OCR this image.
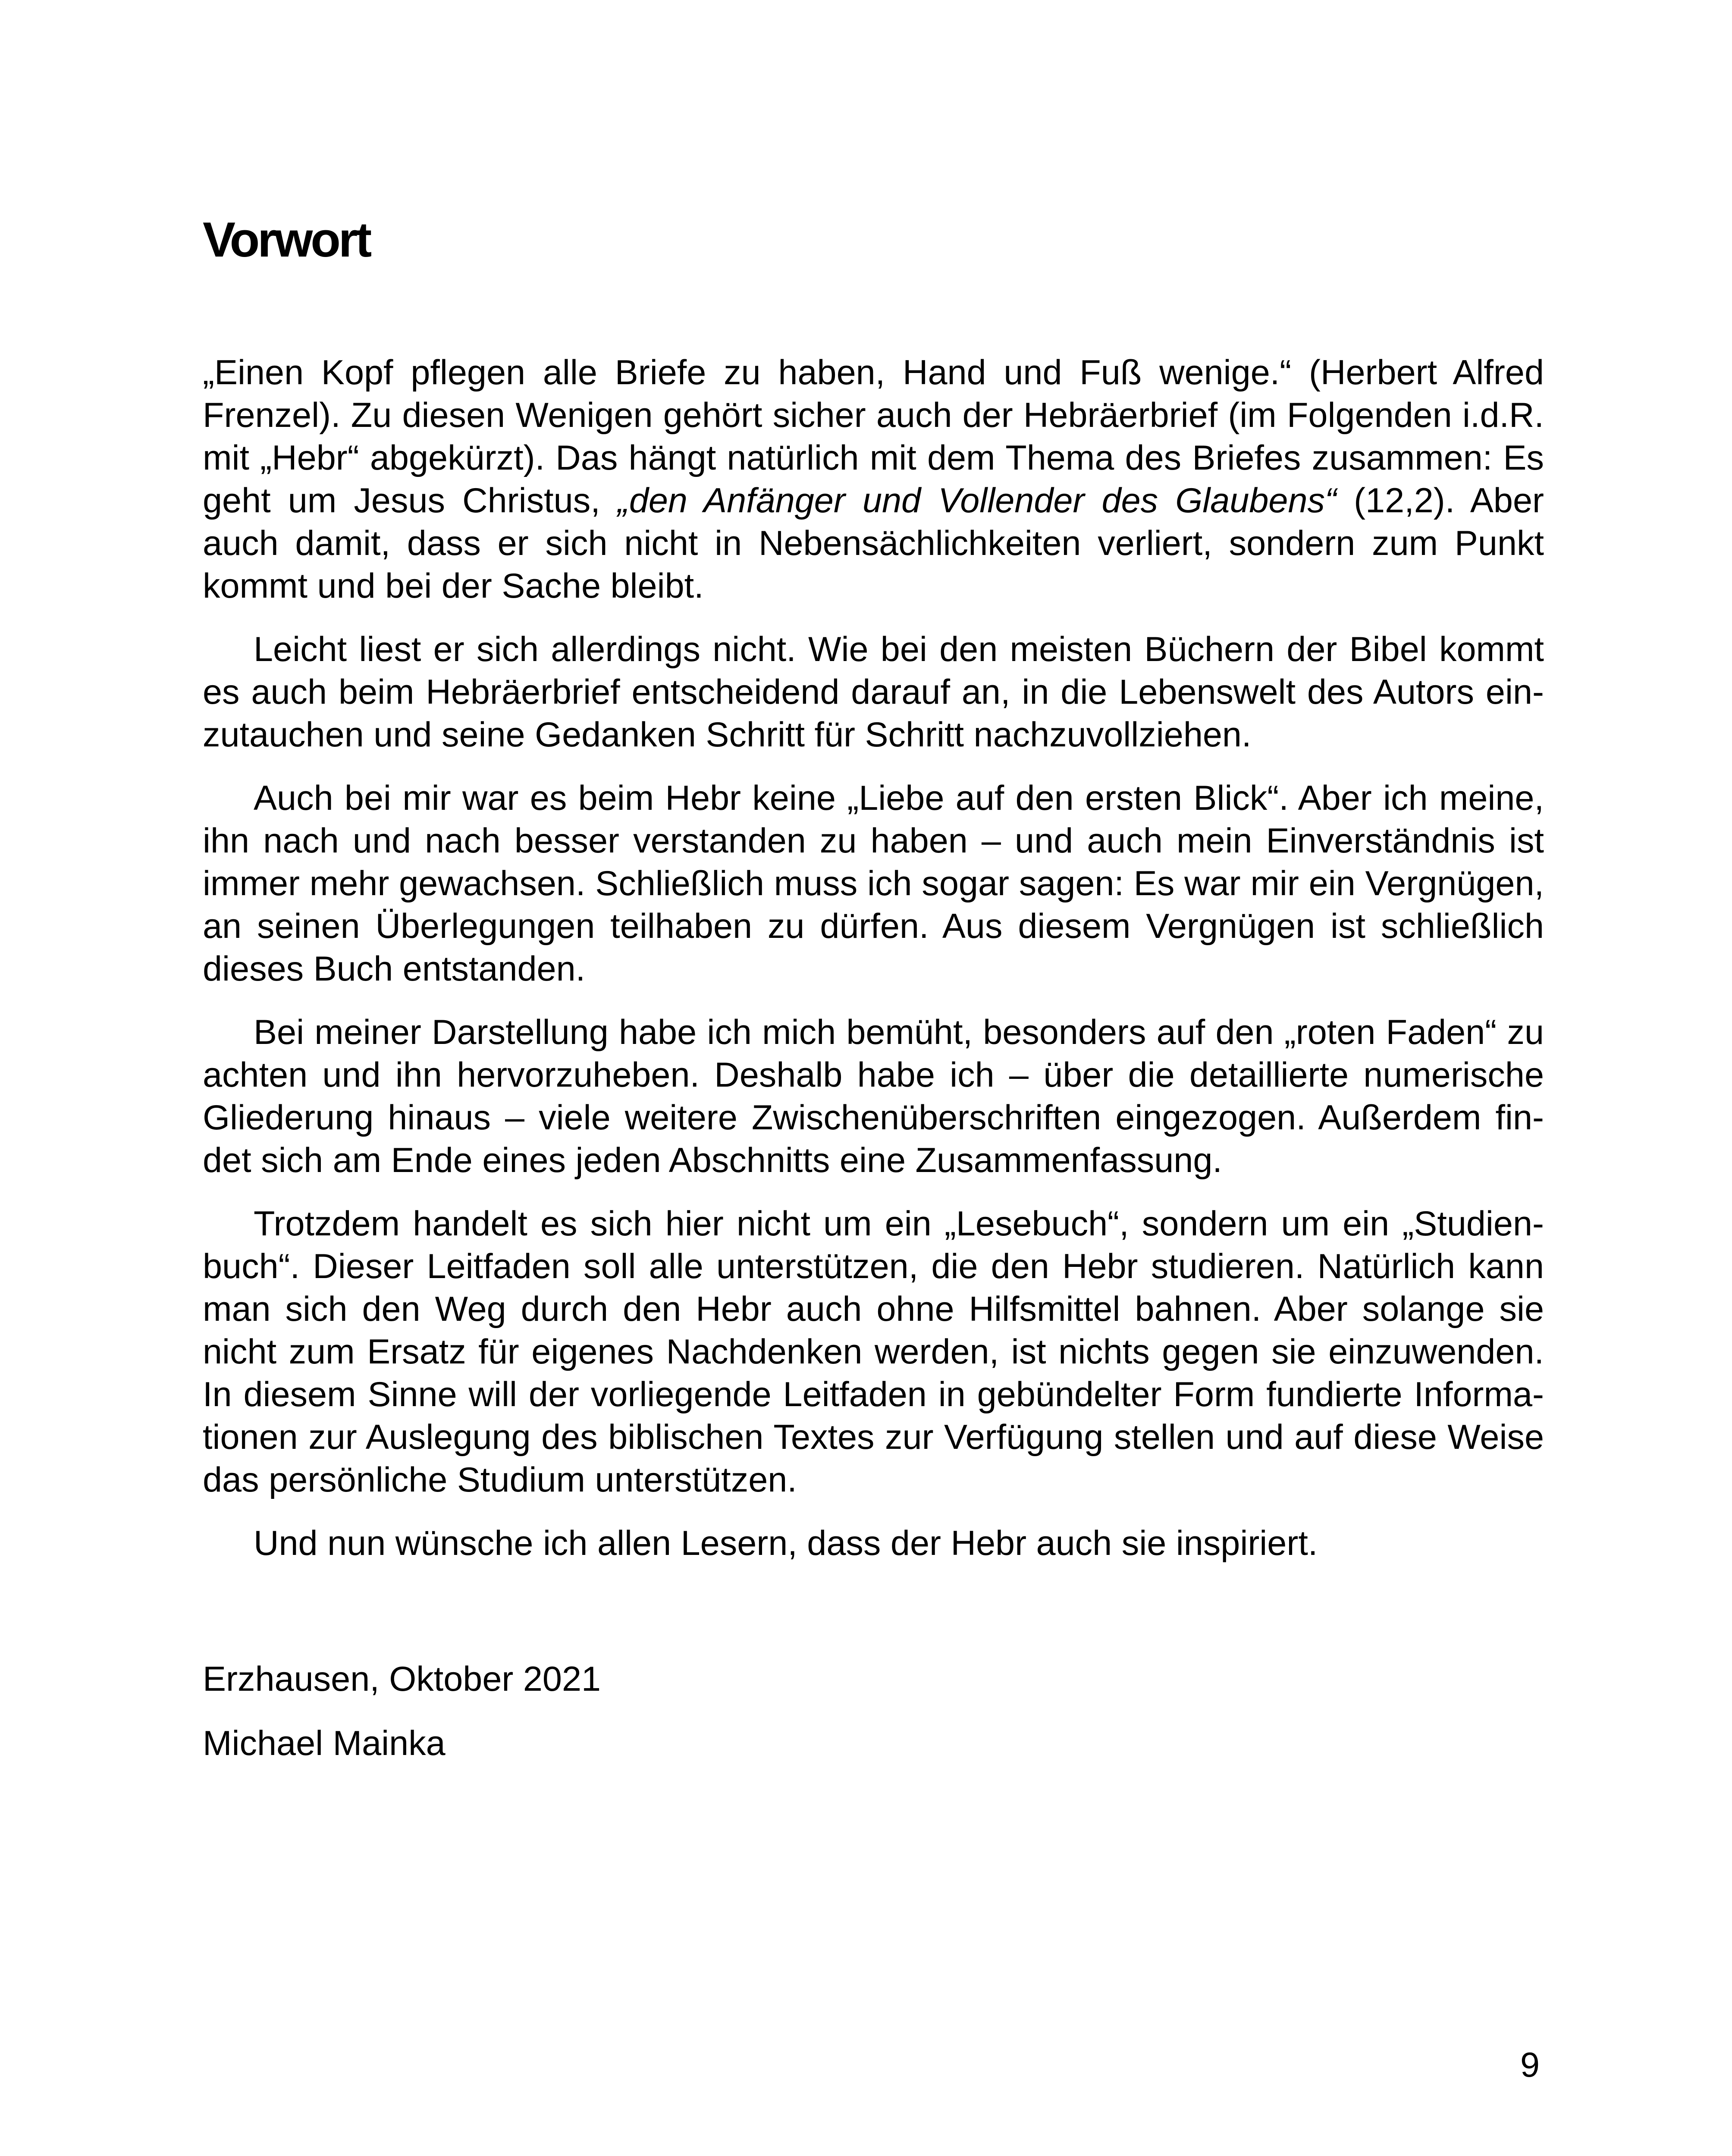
Vorwort

„Einen Kopf pflegen alle Briefe zu haben, Hand und Fuß wenige.“ (Herbert Alfred Frenzel). Zu diesen Wenigen gehört sicher auch der Hebräerbrief (im Folgenden i.d.R. mit „Hebr“ abgekürzt). Das hängt natürlich mit dem Thema des Briefes zusammen: Es geht um Jesus Christus, „den Anfänger und Vollender des Glaubens“ (12,2). Aber auch damit, dass er sich nicht in Nebensächlichkeiten verliert, sondern zum Punkt kommt und bei der Sache bleibt.

Leicht liest er sich allerdings nicht. Wie bei den meisten Büchern der Bibel kommt es auch beim Hebräerbrief entscheidend darauf an, in die Lebenswelt des Autors einzutauchen und seine Gedanken Schritt für Schritt nachzuvollziehen.

Auch bei mir war es beim Hebr keine „Liebe auf den ersten Blick“. Aber ich meine, ihn nach und nach besser verstanden zu haben – und auch mein Einverständnis ist immer mehr gewachsen. Schließlich muss ich sogar sagen: Es war mir ein Vergnügen, an seinen Überlegungen teilhaben zu dürfen. Aus diesem Vergnügen ist schließlich dieses Buch entstanden.

Bei meiner Darstellung habe ich mich bemüht, besonders auf den „roten Faden“ zu achten und ihn hervorzuheben. Deshalb habe ich – über die detaillierte numerische Gliederung hinaus – viele weitere Zwischenüberschriften eingezogen. Außerdem findet sich am Ende eines jeden Abschnitts eine Zusammenfassung.

Trotzdem handelt es sich hier nicht um ein „Lesebuch“, sondern um ein „Studienbuch“. Dieser Leitfaden soll alle unterstützen, die den Hebr studieren. Natürlich kann man sich den Weg durch den Hebr auch ohne Hilfsmittel bahnen. Aber solange sie nicht zum Ersatz für eigenes Nachdenken werden, ist nichts gegen sie einzuwenden. In diesem Sinne will der vorliegende Leitfaden in gebündelter Form fundierte Informationen zur Auslegung des biblischen Textes zur Verfügung stellen und auf diese Weise das persönliche Studium unterstützen.

Und nun wünsche ich allen Lesern, dass der Hebr auch sie inspiriert.

Erzhausen, Oktober 2021

Michael Mainka

9
